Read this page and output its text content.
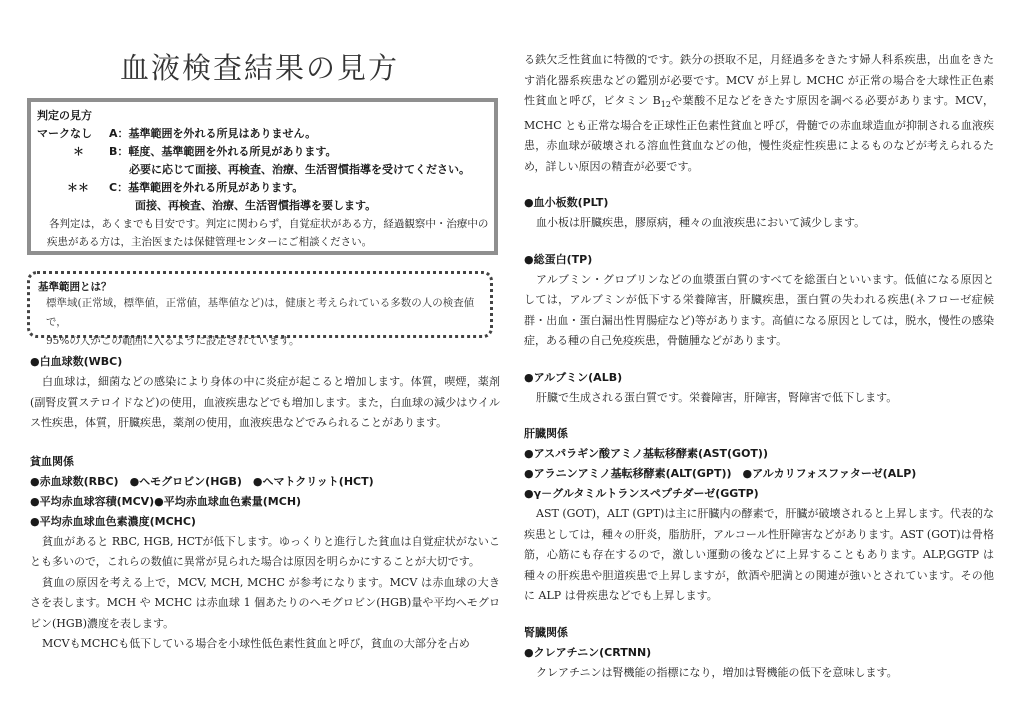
血液検査結果の見方
判定の見方
マークなし A：基準範囲を外れる所見はありません。
＊ B：軽度、基準範囲を外れる所見があります。
必要に応じて面接、再検査、治療、生活習慣指導を受けてください。
＊＊ C：基準範囲を外れる所見があります。
面接、再検査、治療、生活習慣指導を要します。
各判定は，あくまでも目安です。判定に関わらず，自覚症状がある方，経過観察中・治療中の
疾患がある方は，主治医または保健管理センターにご相談ください。
基準範囲とは？
標準域(正常域，標準値，正常値，基準値など)は，健康と考えられている多数の人の検査値で，
95%の人がこの範囲に入るように設定されています。
●白血球数(WBC)
白血球は，細菌などの感染により身体の中に炎症が起こると増加します。体質，喫煙，薬剤(副腎皮質ステロイドなど)の使用，血液疾患などでも増加します。また，白血球の減少はウイルス性疾患，体質，肝臓疾患，薬剤の使用，血液疾患などでみられることがあります。
貧血関係
●赤血球数(RBC)　●ヘモグロビン(HGB)　●ヘマトクリット(HCT)
●平均赤血球容積(MCV)●平均赤血球血色素量(MCH)
●平均赤血球血色素濃度(MCHC)
貧血があると RBC, HGB, HCTが低下します。ゆっくりと進行した貧血は自覚症状がないことも多いので，これらの数値に異常が見られた場合は原因を明らかにすることが大切です。
貧血の原因を考える上で，MCV, MCH, MCHC が参考になります。MCV は赤血球の大きさを表します。MCH や MCHC は赤血球 1 個あたりのヘモグロビン(HGB)量や平均ヘモグロビン(HGB)濃度を表します。
MCVもMCHCも低下している場合を小球性低色素性貧血と呼び，貧血の大部分を占め
る鉄欠乏性貧血に特徴的です。鉄分の摂取不足，月経過多をきたす婦人科系疾患，出血をきたす消化器系疾患などの鑑別が必要です。MCV が上昇し MCHC が正常の場合を大球性正色素性貧血と呼び，ビタミン $B_{12}$や葉酸不足などをきたす原因を調べる必要があります。MCV，MCHC とも正常な場合を正球性正色素性貧血と呼び，骨髄での赤血球造血が抑制される血液疾患，赤血球が破壊される溶血性貧血などの他，慢性炎症性疾患によるものなどが考えられるため，詳しい原因の精査が必要です。
●血小板数(PLT)
血小板は肝臓疾患，膠原病，種々の血液疾患において減少します。
●総蛋白(TP)
アルブミン・グロブリンなどの血漿蛋白質のすべてを総蛋白といいます。低値になる原因としては，アルブミンが低下する栄養障害，肝臓疾患，蛋白質の失われる疾患(ネフローゼ症候群・出血・蛋白漏出性胃腸症など)等があります。高値になる原因としては，脱水，慢性の感染症，ある種の自己免疫疾患，骨髄腫などがあります。
●アルブミン(ALB)
肝臓で生成される蛋白質です。栄養障害，肝障害，腎障害で低下します。
肝臓関係
●アスパラギン酸アミノ基転移酵素(AST(GOT))
●アラニンアミノ基転移酵素(ALT(GPT))　●アルカリフォスファターゼ(ALP)
●γ－グルタミルトランスペプチダーゼ(GGTP)
AST (GOT)，ALT (GPT)は主に肝臓内の酵素で，肝臓が破壊されると上昇します。代表的な疾患としては，種々の肝炎，脂肪肝，アルコール性肝障害などがあります。AST (GOT)は骨格筋，心筋にも存在するので，激しい運動の後などに上昇することもあります。ALP,GGTP は種々の肝疾患や胆道疾患で上昇しますが，飲酒や肥満との関連が強いとされています。その他に ALP は骨疾患などでも上昇します。
腎臓関係
●クレアチニン(CRTNN)
クレアチニンは腎機能の指標になり，増加は腎機能の低下を意味します。
